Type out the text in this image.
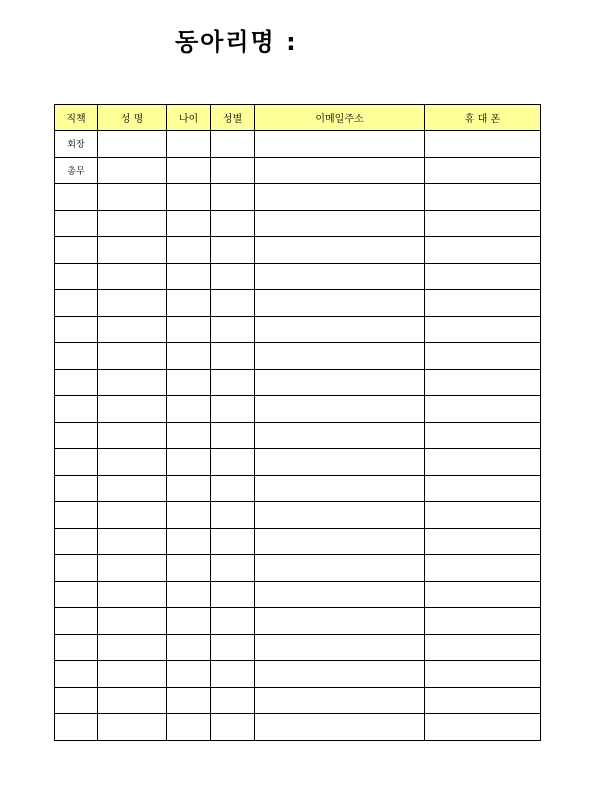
동아리명 :
직책	성 명	나이	성별	이메일주소	휴 대 폰
회장					
총무					
